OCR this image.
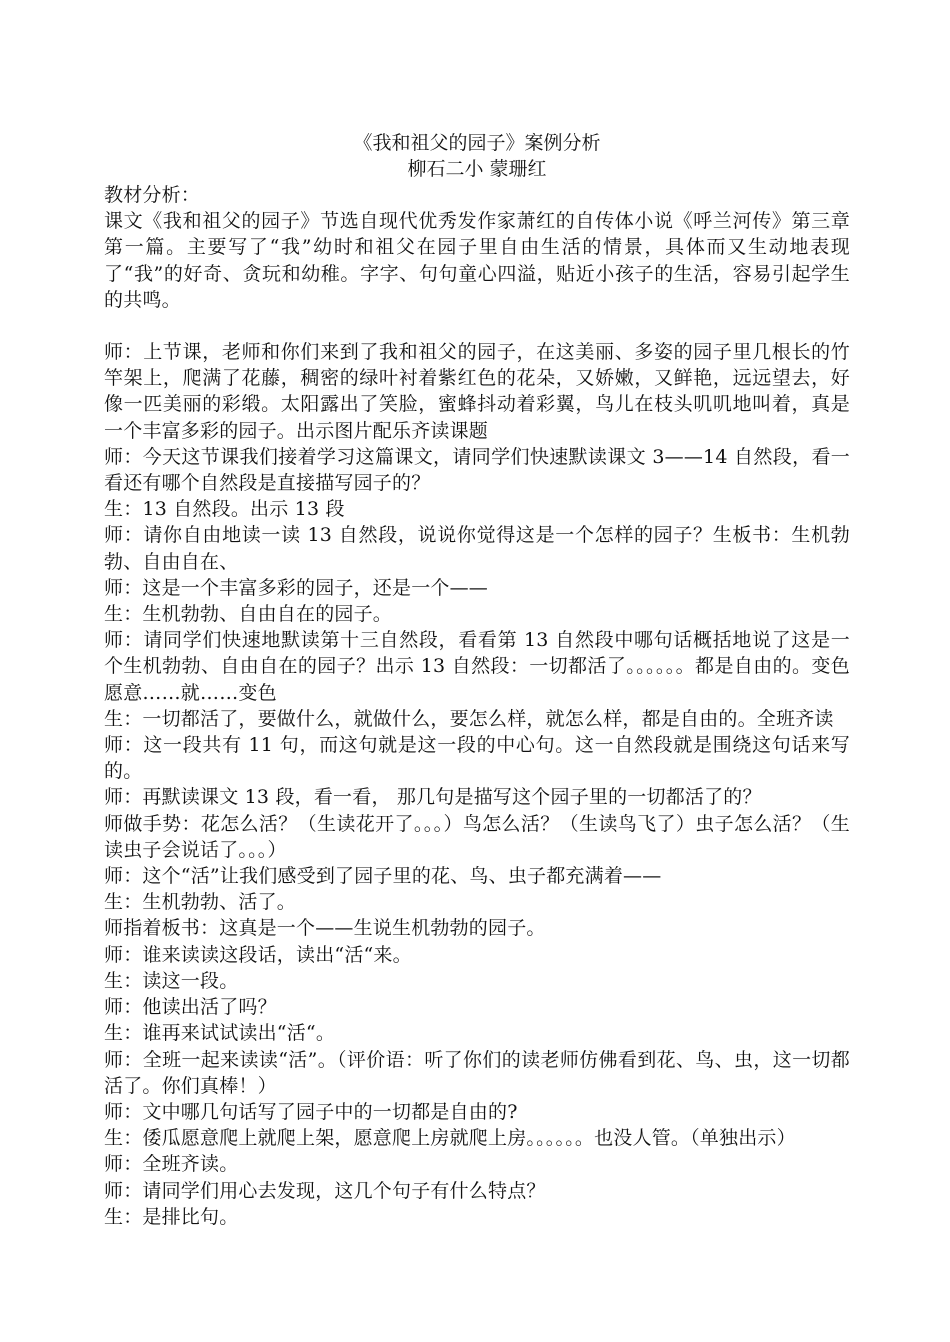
《我和祖父的园子》案例分析
柳石二小 蒙珊红

教材分析：

课文《我和祖父的园子》节选自现代优秀发作家萧红的自传体小说《呼兰河传》第三章第一篇。主要写了“我”幼时和祖父在园子里自由生活的情景，具体而又生动地表现了“我”的好奇、贪玩和幼稚。字字、句句童心四溢，贴近小孩子的生活，容易引起学生的共鸣。

师：上节课，老师和你们来到了我和祖父的园子，在这美丽、多姿的园子里几根长的竹竿架上，爬满了花藤，稠密的绿叶衬着紫红色的花朵，又娇嫩，又鲜艳，远远望去，好像一匹美丽的彩缎。太阳露出了笑脸，蜜蜂抖动着彩翼，鸟儿在枝头叽叽地叫着，真是一个丰富多彩的园子。出示图片配乐齐读课题

师：今天这节课我们接着学习这篇课文，请同学们快速默读课文 3——14 自然段，看一看还有哪个自然段是直接描写园子的？

生：13 自然段。出示 13 段

师：请你自由地读一读 13 自然段，说说你觉得这是一个怎样的园子？生板书：生机勃勃、自由自在、

师：这是一个丰富多彩的园子，还是一个——

生：生机勃勃、自由自在的园子。

师：请同学们快速地默读第十三自然段，看看第 13 自然段中哪句话概括地说了这是一个生机勃勃、自由自在的园子？出示 13 自然段：一切都活了。。。。。。都是自由的。变色 愿意……就……变色

生：一切都活了，要做什么，就做什么，要怎么样，就怎么样，都是自由的。全班齐读

师：这一段共有 11 句，而这句就是这一段的中心句。这一自然段就是围绕这句话来写的。

师：再默读课文 13 段，看一看， 那几句是描写这个园子里的一切都活了的？

师做手势：花怎么活？（生读花开了。。。）鸟怎么活？（生读鸟飞了）虫子怎么活？（生读虫子会说话了。。。）

师：这个“活”让我们感受到了园子里的花、鸟、虫子都充满着——

生：生机勃勃、活了。

师指着板书：这真是一个——生说生机勃勃的园子。

师：谁来读读这段话，读出“活“来。

生：读这一段。

师：他读出活了吗？

生：谁再来试试读出“活“。

师：全班一起来读读“活”。（评价语：听了你们的读老师仿佛看到花、鸟、虫，这一切都活了。你们真棒！）

师：文中哪几句话写了园子中的一切都是自由的?

生：倭瓜愿意爬上就爬上架，愿意爬上房就爬上房。。。。。。也没人管。（单独出示）

师：全班齐读。

师：请同学们用心去发现，这几个句子有什么特点？

生：是排比句。
